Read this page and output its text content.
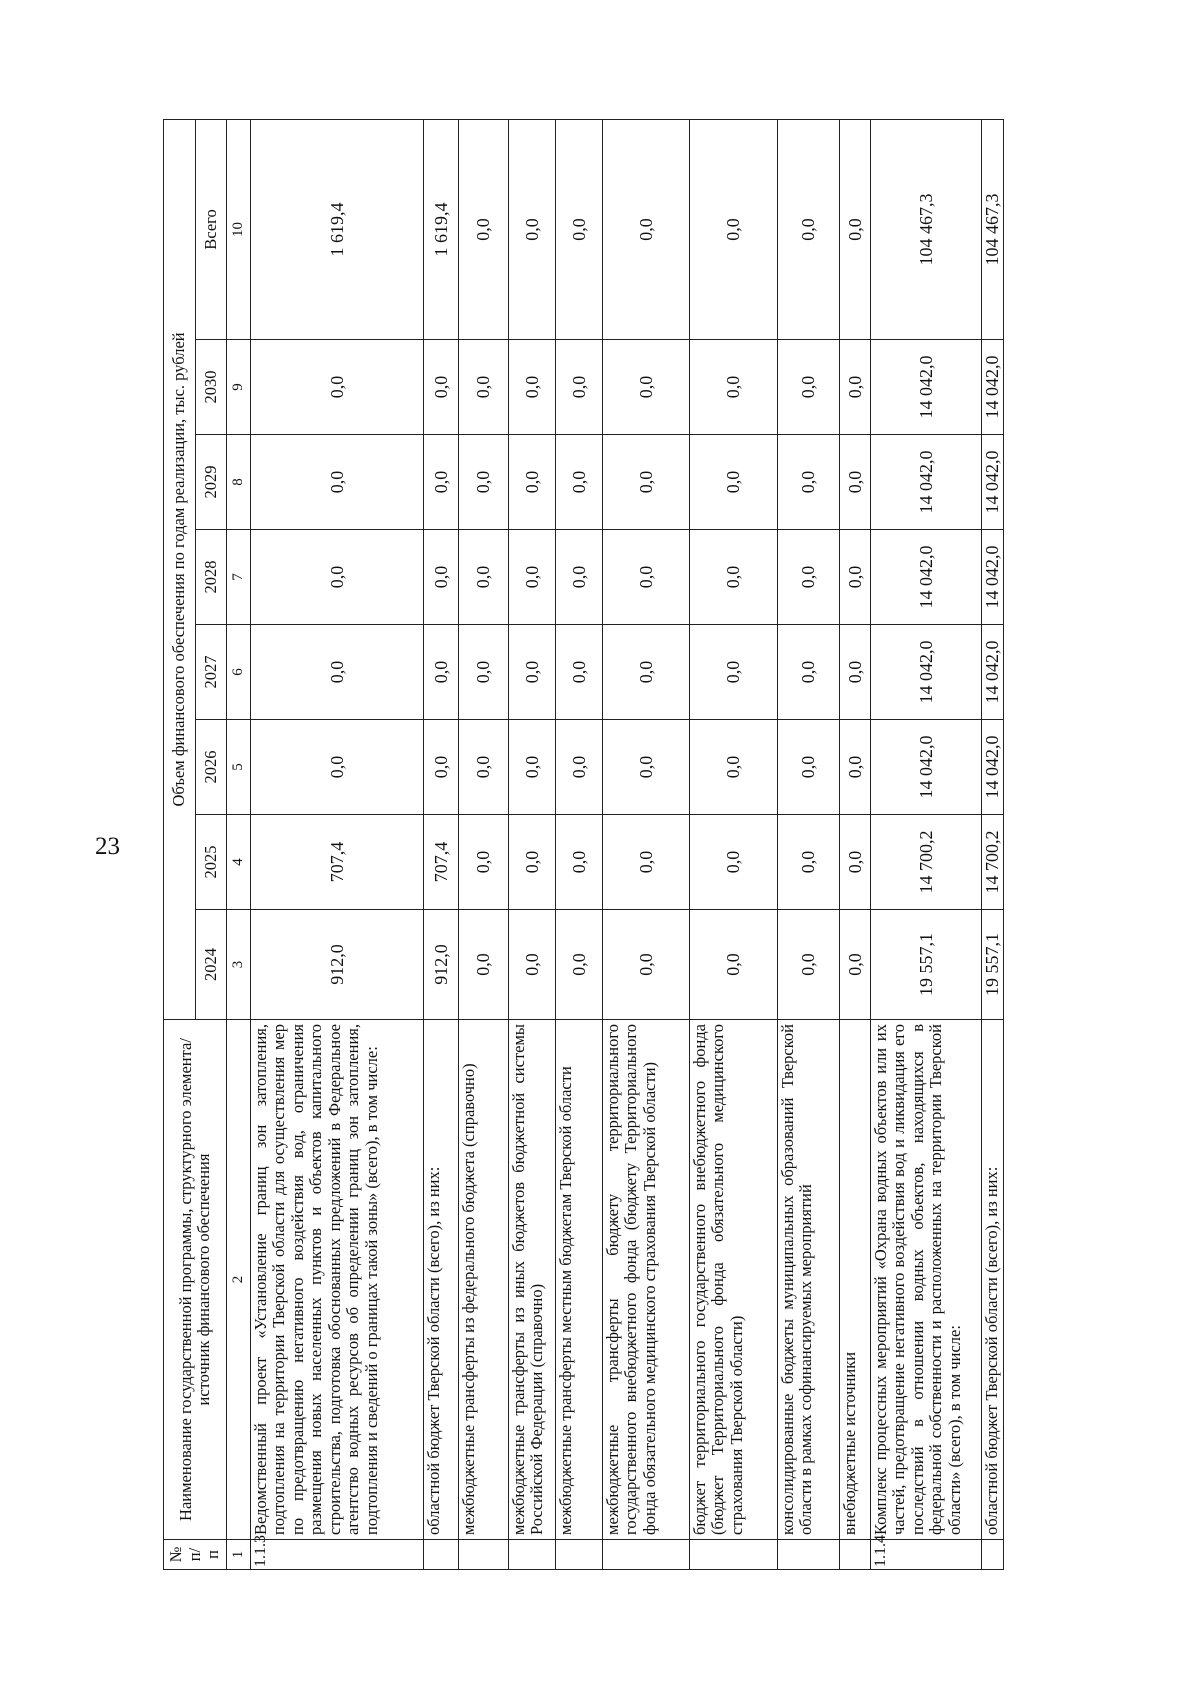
23
№ п/п	Наименование государственной программы, структурного элемента/источник финансового обеспечения	Объем финансового обеспечения по годам реализации, тыс. рублей							
		2024	2025	2026	2027	2028	2029	2030	Всего
1	2	3	4	5	6	7	8	9	10
1.1.3	Ведомственный проект «Установление границ зон затопления, подтопления на территории Тверской области для осуществления мер по предотвращению негативного воздействия вод, ограничения размещения новых населенных пунктов и объектов капитального строительства, подготовка обоснованных предложений в Федеральное агентство водных ресурсов об определении границ зон затопления, подтопления и сведений о границах такой зоны» (всего), в том числе:	912,0	707,4	0,0	0,0	0,0	0,0	0,0	1 619,4
	областной бюджет Тверской области (всего), из них:	912,0	707,4	0,0	0,0	0,0	0,0	0,0	1 619,4
	межбюджетные трансферты из федерального бюджета (справочно)	0,0	0,0	0,0	0,0	0,0	0,0	0,0	0,0
	межбюджетные трансферты из иных бюджетов бюджетной системы Российской Федерации (справочно)	0,0	0,0	0,0	0,0	0,0	0,0	0,0	0,0
	межбюджетные трансферты местным бюджетам Тверской области	0,0	0,0	0,0	0,0	0,0	0,0	0,0	0,0
	межбюджетные трансферты бюджету территориального государственного внебюджетного фонда (бюджету Территориального фонда обязательного медицинского страхования Тверской области)	0,0	0,0	0,0	0,0	0,0	0,0	0,0	0,0
	бюджет территориального государственного внебюджетного фонда (бюджет Территориального фонда обязательного медицинского страхования Тверской области)	0,0	0,0	0,0	0,0	0,0	0,0	0,0	0,0
	консолидированные бюджеты муниципальных образований Тверской области в рамках софинансируемых мероприятий	0,0	0,0	0,0	0,0	0,0	0,0	0,0	0,0
	внебюджетные источники	0,0	0,0	0,0	0,0	0,0	0,0	0,0	0,0
1.1.4	Комплекс процессных мероприятий «Охрана водных объектов или их частей, предотвращение негативного воздействия вод и ликвидация его последствий в отношении водных объектов, находящихся в федеральной собственности и расположенных на территории Тверской области» (всего), в том числе:	19 557,1	14 700,2	14 042,0	14 042,0	14 042,0	14 042,0	14 042,0	104 467,3
	областной бюджет Тверской области (всего), из них:	19 557,1	14 700,2	14 042,0	14 042,0	14 042,0	14 042,0	14 042,0	104 467,3
